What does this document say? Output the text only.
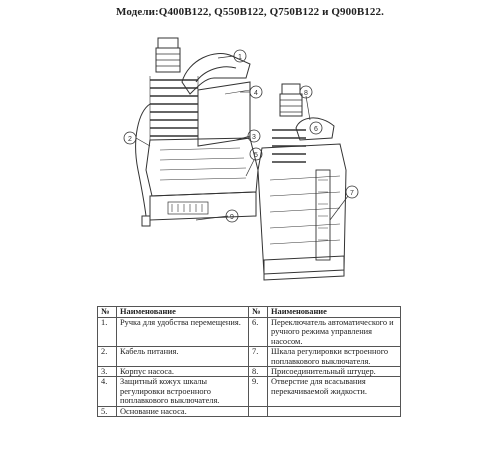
Модели:Q400B122, Q550B122, Q750B122 и Q900B122.
1
2	3
4
5
6
7
8
9
№	Наименование	№	Наименование
1.	Ручка для удобства перемещения.	6.	Переключатель автоматического и ручного режима управления насосом.
2.	Кабель питания.	7.	Шкала регулировки встроенного поплавкового выключателя.
3.	Корпус насоса.	8.	Присоединительный штуцер.
4.	Защитный кожух шкалы регулировки встроенного поплавкового выключателя.	9.	Отверстие для всасывания перекачиваемой жидкости.
5.	Основание насоса.		
